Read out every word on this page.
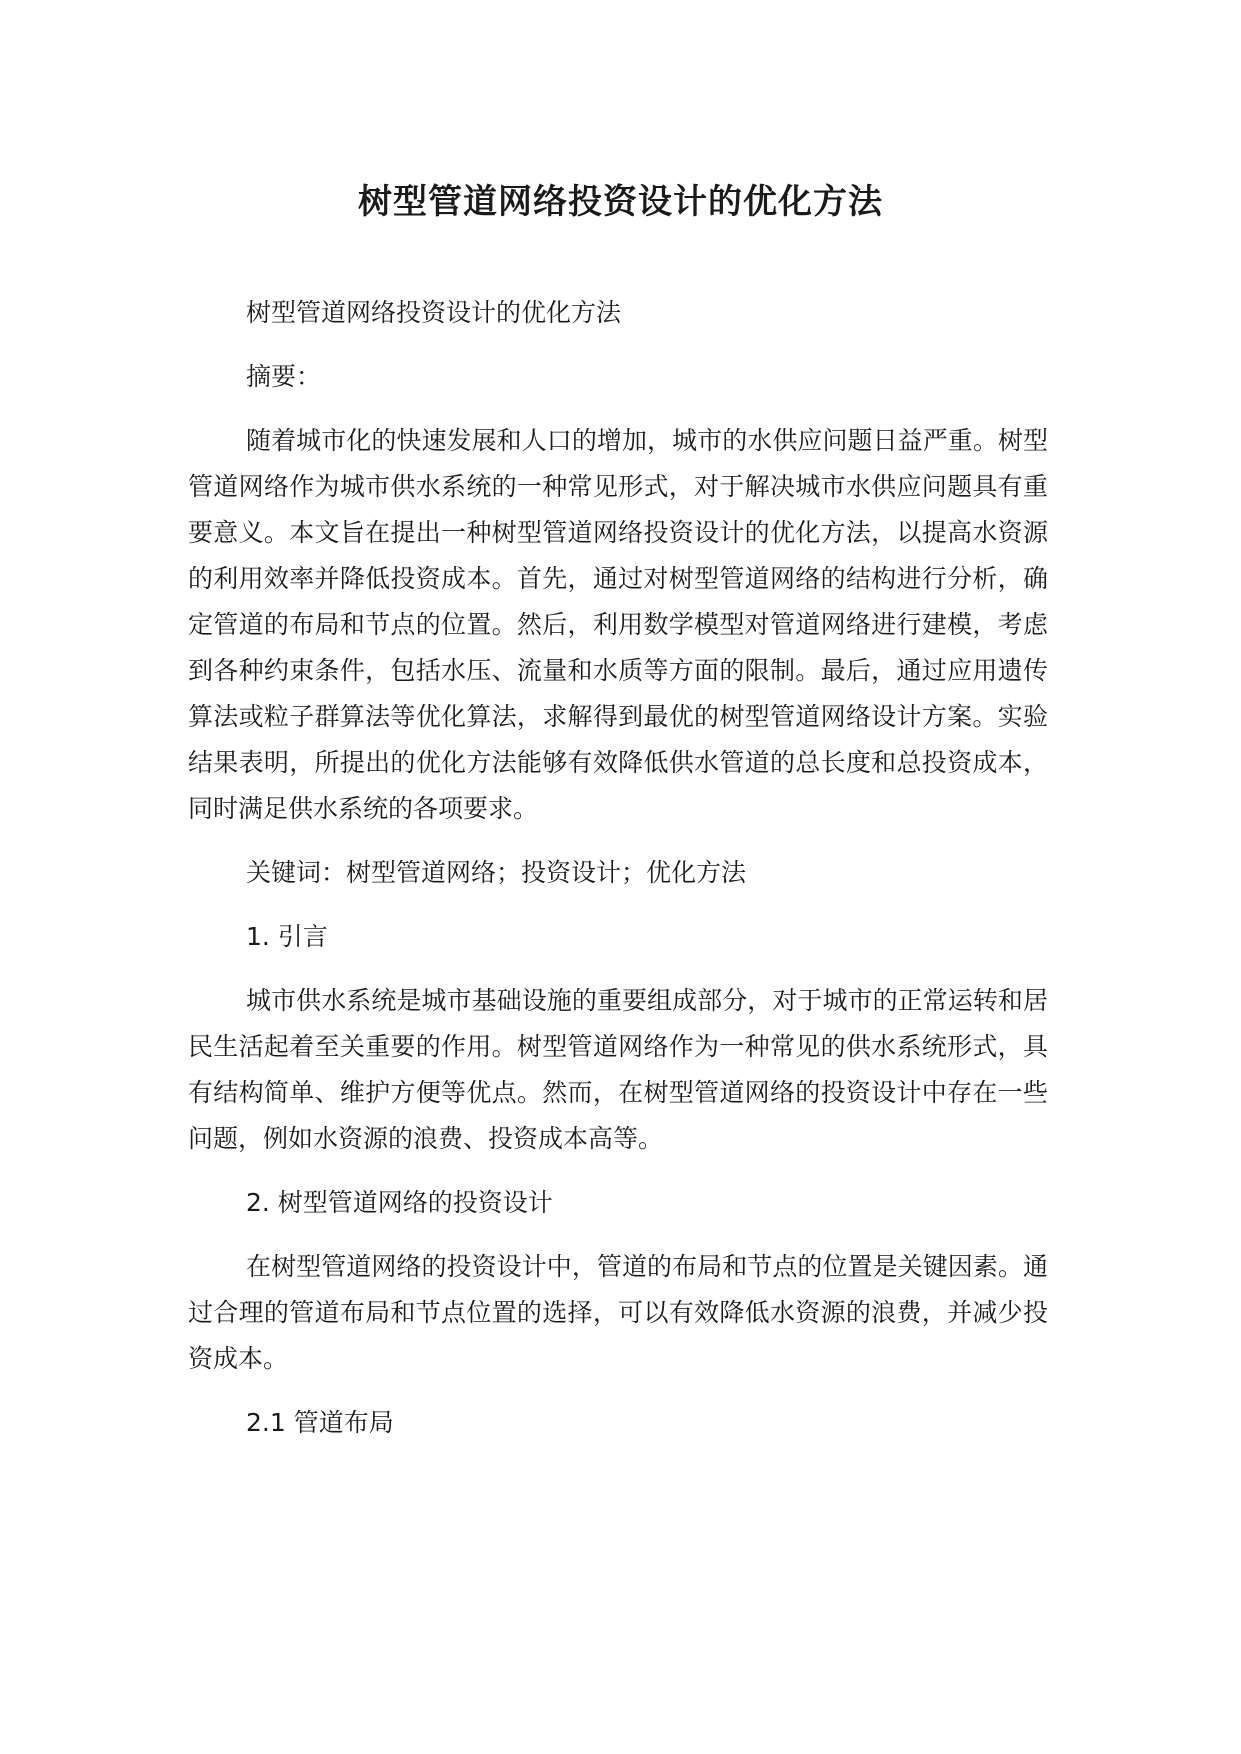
树型管道网络投资设计的优化方法

树型管道网络投资设计的优化方法

摘要：

随着城市化的快速发展和人口的增加，城市的水供应问题日益严重。树型管道网络作为城市供水系统的一种常见形式，对于解决城市水供应问题具有重要意义。本文旨在提出一种树型管道网络投资设计的优化方法，以提高水资源的利用效率并降低投资成本。首先，通过对树型管道网络的结构进行分析，确定管道的布局和节点的位置。然后，利用数学模型对管道网络进行建模，考虑到各种约束条件，包括水压、流量和水质等方面的限制。最后，通过应用遗传算法或粒子群算法等优化算法，求解得到最优的树型管道网络设计方案。实验结果表明，所提出的优化方法能够有效降低供水管道的总长度和总投资成本，同时满足供水系统的各项要求。

关键词：树型管道网络；投资设计；优化方法

1. 引言

城市供水系统是城市基础设施的重要组成部分，对于城市的正常运转和居民生活起着至关重要的作用。树型管道网络作为一种常见的供水系统形式，具有结构简单、维护方便等优点。然而，在树型管道网络的投资设计中存在一些问题，例如水资源的浪费、投资成本高等。

2. 树型管道网络的投资设计

在树型管道网络的投资设计中，管道的布局和节点的位置是关键因素。通过合理的管道布局和节点位置的选择，可以有效降低水资源的浪费，并减少投资成本。

2.1 管道布局
